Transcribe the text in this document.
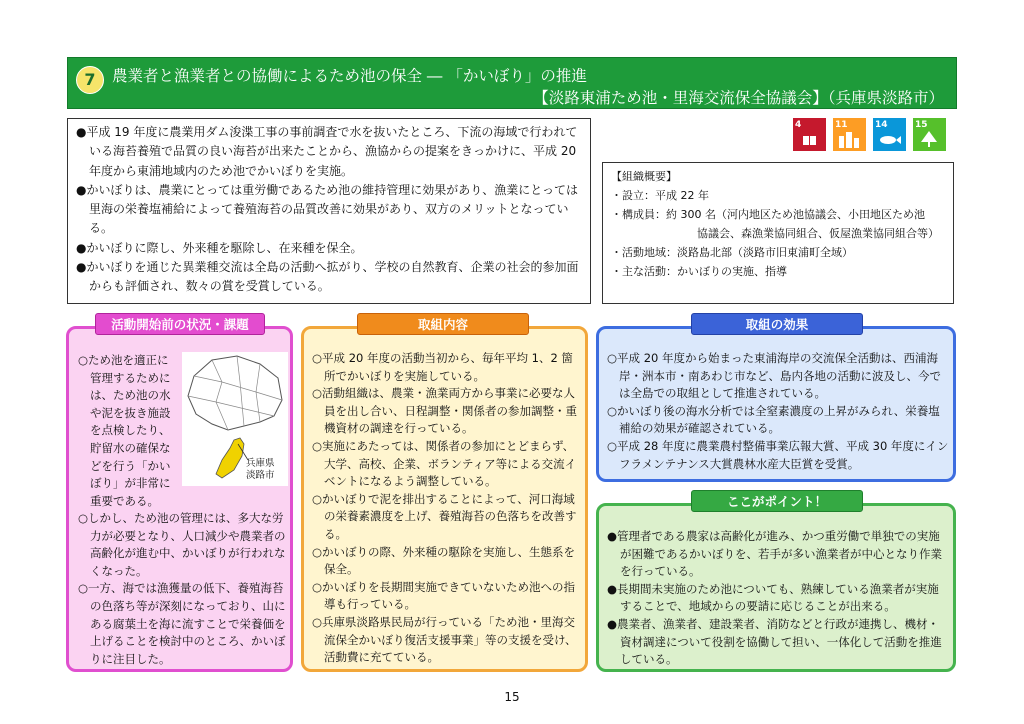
7	農業者と漁業者との協働によるため池の保全 ― 「かいぼり」の推進
【淡路東浦ため池・里海交流保全協議会】（兵庫県淡路市）

●平成 19 年度に農業用ダム浚渫工事の事前調査で水を抜いたところ、下流の海域で行われている海苔養殖で品質の良い海苔が出来たことから、漁協からの提案をきっかけに、平成 20 年度から東浦地域内のため池でかいぼりを実施。

●かいぼりは、農業にとっては重労働であるため池の維持管理に効果があり、漁業にとっては里海の栄養塩補給によって養殖海苔の品質改善に効果があり、双方のメリットとなっている。

●かいぼりに際し、外来種を駆除し、在来種を保全。

●かいぼりを通じた異業種交流は全島の活動へ拡がり、学校の自然教育、企業の社会的参加面からも評価され、数々の賞を受賞している。

4	11	14	15

【組織概要】

・設立：平成 22 年

・構成員：約 300 名（河内地区ため池協議会、小田地区ため池

協議会、森漁業協同組合、仮屋漁業協同組合等）

・活動地域：淡路島北部（淡路市旧東浦町全域）

・主な活動：かいぼりの実施、指導

活動開始前の状況・課題

○ため池を適正に管理するためには、ため池の水や泥を抜き施設を点検したり、貯留水の確保などを行う「かいぼり」が非常に重要である。

兵庫県
淡路市

○しかし、ため池の管理には、多大な労力が必要となり、人口減少や農業者の高齢化が進む中、かいぼりが行われなくなった。

○一方、海では漁獲量の低下、養殖海苔の色落ち等が深刻になっており、山にある腐葉土を海に流すことで栄養価を上げることを検討中のところ、かいぼりに注目した。

取組内容

○平成 20 年度の活動当初から、毎年平均 1、2 箇所でかいぼりを実施している。

○活動組織は、農業・漁業両方から事業に必要な人員を出し合い、日程調整・関係者の参加調整・重機資材の調達を行っている。

○実施にあたっては、関係者の参加にとどまらず、大学、高校、企業、ボランティア等による交流イベントになるよう調整している。

○かいぼりで泥を排出することによって、河口海域の栄養素濃度を上げ、養殖海苔の色落ちを改善する。

○かいぼりの際、外来種の駆除を実施し、生態系を保全。

○かいぼりを長期間実施できていないため池への指導も行っている。

○兵庫県淡路県民局が行っている「ため池・里海交流保全かいぼり復活支援事業」等の支援を受け、活動費に充てている。

取組の効果

○平成 20 年度から始まった東浦海岸の交流保全活動は、西浦海岸・洲本市・南あわじ市など、島内各地の活動に波及し、今では全島での取組として推進されている。

○かいぼり後の海水分析では全窒素濃度の上昇がみられ、栄養塩補給の効果が確認されている。

○平成 28 年度に農業農村整備事業広報大賞、平成 30 年度にインフラメンテナンス大賞農林水産大臣賞を受賞。

ここがポイント！

●管理者である農家は高齢化が進み、かつ重労働で単独での実施が困難であるかいぼりを、若手が多い漁業者が中心となり作業を行っている。

●長期間未実施のため池についても、熟練している漁業者が実施することで、地域からの要請に応じることが出来る。

●農業者、漁業者、建設業者、消防などと行政が連携し、機材・資材調達について役割を協働して担い、一体化して活動を推進している。

15
